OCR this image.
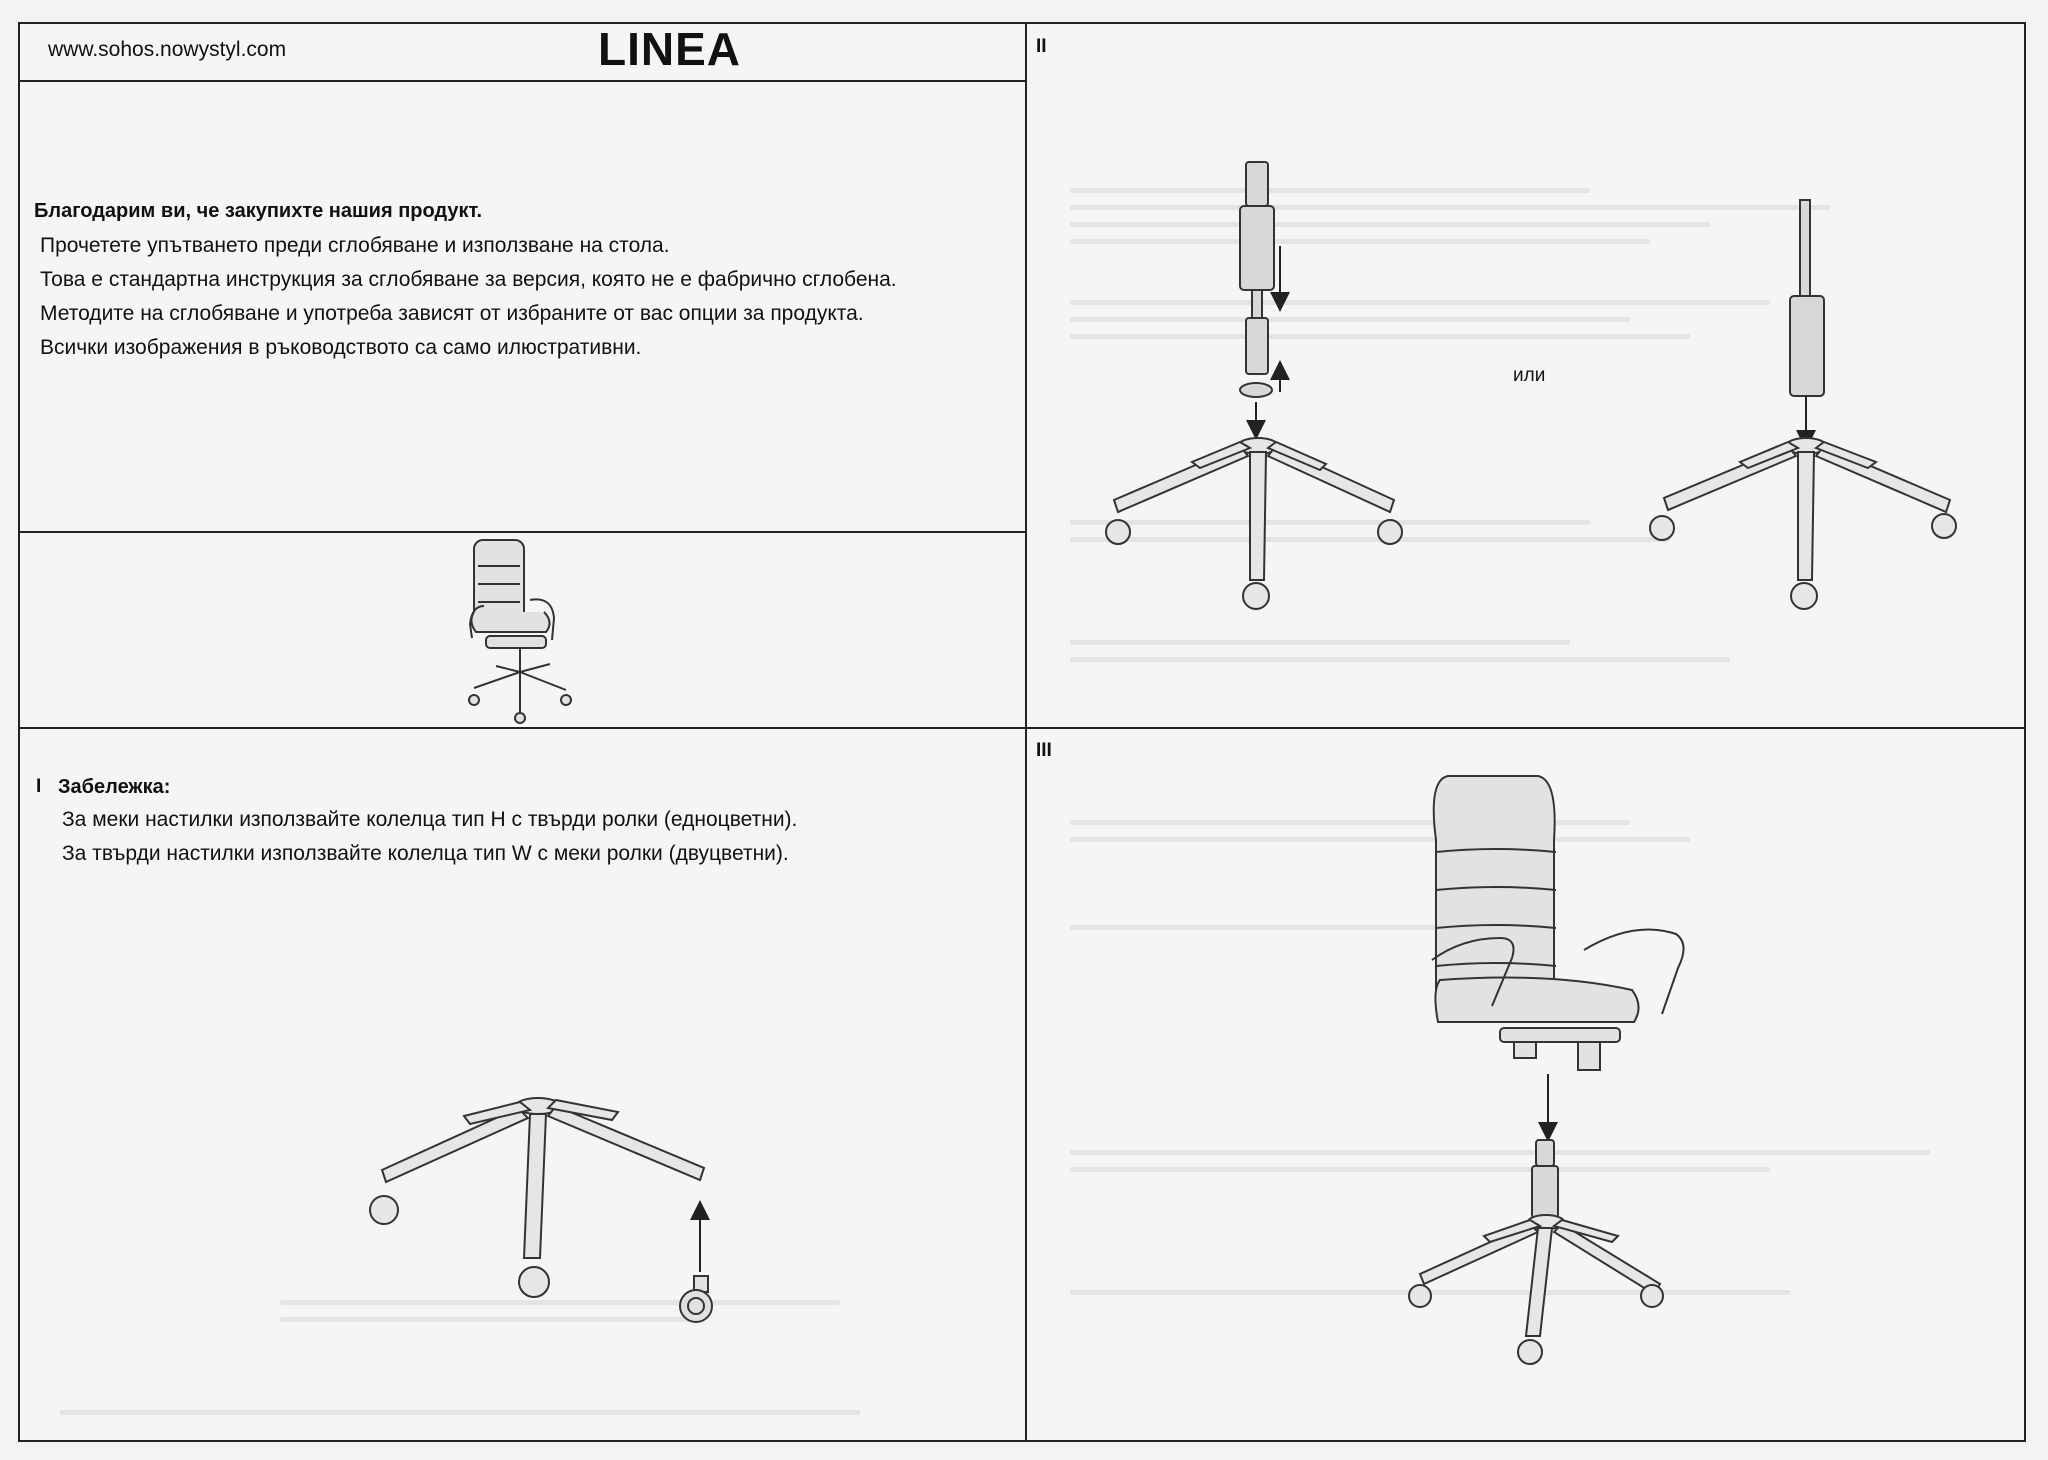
www.sohos.nowystyl.com	LINEA
Благодарим ви, че закупихте нашия продукт.
Прочетете упътването преди сглобяване и използване на стола.
Това е стандартна инструкция за сглобяване за версия, която не е фабрично сглобена.
Методите на сглобяване и употреба зависят от избраните от вас опции за продукта.
Всички изображения в ръководството са само илюстративни.
II
III
I Забележка:
За меки настилки използвайте колелца тип H с твърди ролки (едноцветни).
За твърди настилки използвайте колелца тип W с меки ролки (двуцветни).
или
